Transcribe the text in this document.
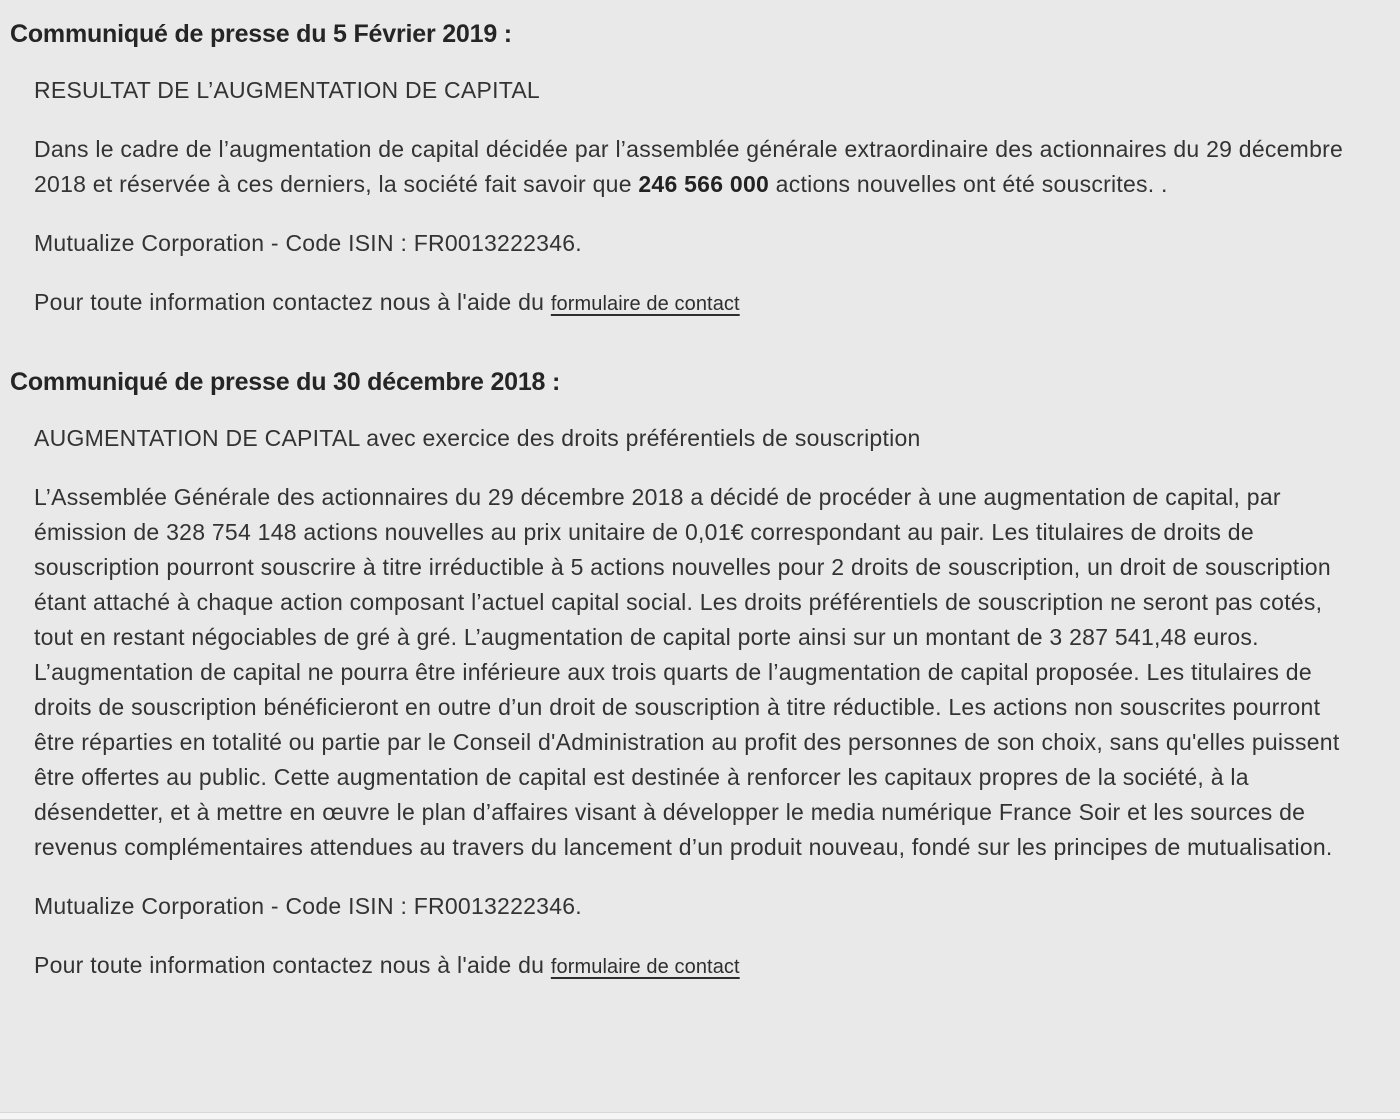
Communiqué de presse du 5 Février 2019 :

RESULTAT DE L’AUGMENTATION DE CAPITAL

Dans le cadre de l’augmentation de capital décidée par l’assemblée générale extraordinaire des actionnaires du 29 décembre 2018 et réservée à ces derniers, la société fait savoir que 246 566 000 actions nouvelles ont été souscrites. .

Mutualize Corporation - Code ISIN : FR0013222346.

Pour toute information contactez nous à l'aide du formulaire de contact

Communiqué de presse du 30 décembre 2018 :

AUGMENTATION DE CAPITAL avec exercice des droits préférentiels de souscription

L’Assemblée Générale des actionnaires du 29 décembre 2018 a décidé de procéder à une augmentation de capital, par émission de 328 754 148 actions nouvelles au prix unitaire de 0,01€ correspondant au pair. Les titulaires de droits de souscription pourront souscrire à titre irréductible à 5 actions nouvelles pour 2 droits de souscription, un droit de souscription étant attaché à chaque action composant l’actuel capital social. Les droits préférentiels de souscription ne seront pas cotés, tout en restant négociables de gré à gré. L’augmentation de capital porte ainsi sur un montant de 3 287 541,48 euros. L’augmentation de capital ne pourra être inférieure aux trois quarts de l’augmentation de capital proposée. Les titulaires de droits de souscription bénéficieront en outre d’un droit de souscription à titre réductible. Les actions non souscrites pourront être réparties en totalité ou partie par le Conseil d'Administration au profit des personnes de son choix, sans qu'elles puissent être offertes au public. Cette augmentation de capital est destinée à renforcer les capitaux propres de la société, à la désendetter, et à mettre en œuvre le plan d’affaires visant à développer le media numérique France Soir et les sources de revenus complémentaires attendues au travers du lancement d’un produit nouveau, fondé sur les principes de mutualisation.

Mutualize Corporation - Code ISIN : FR0013222346.

Pour toute information contactez nous à l'aide du formulaire de contact
